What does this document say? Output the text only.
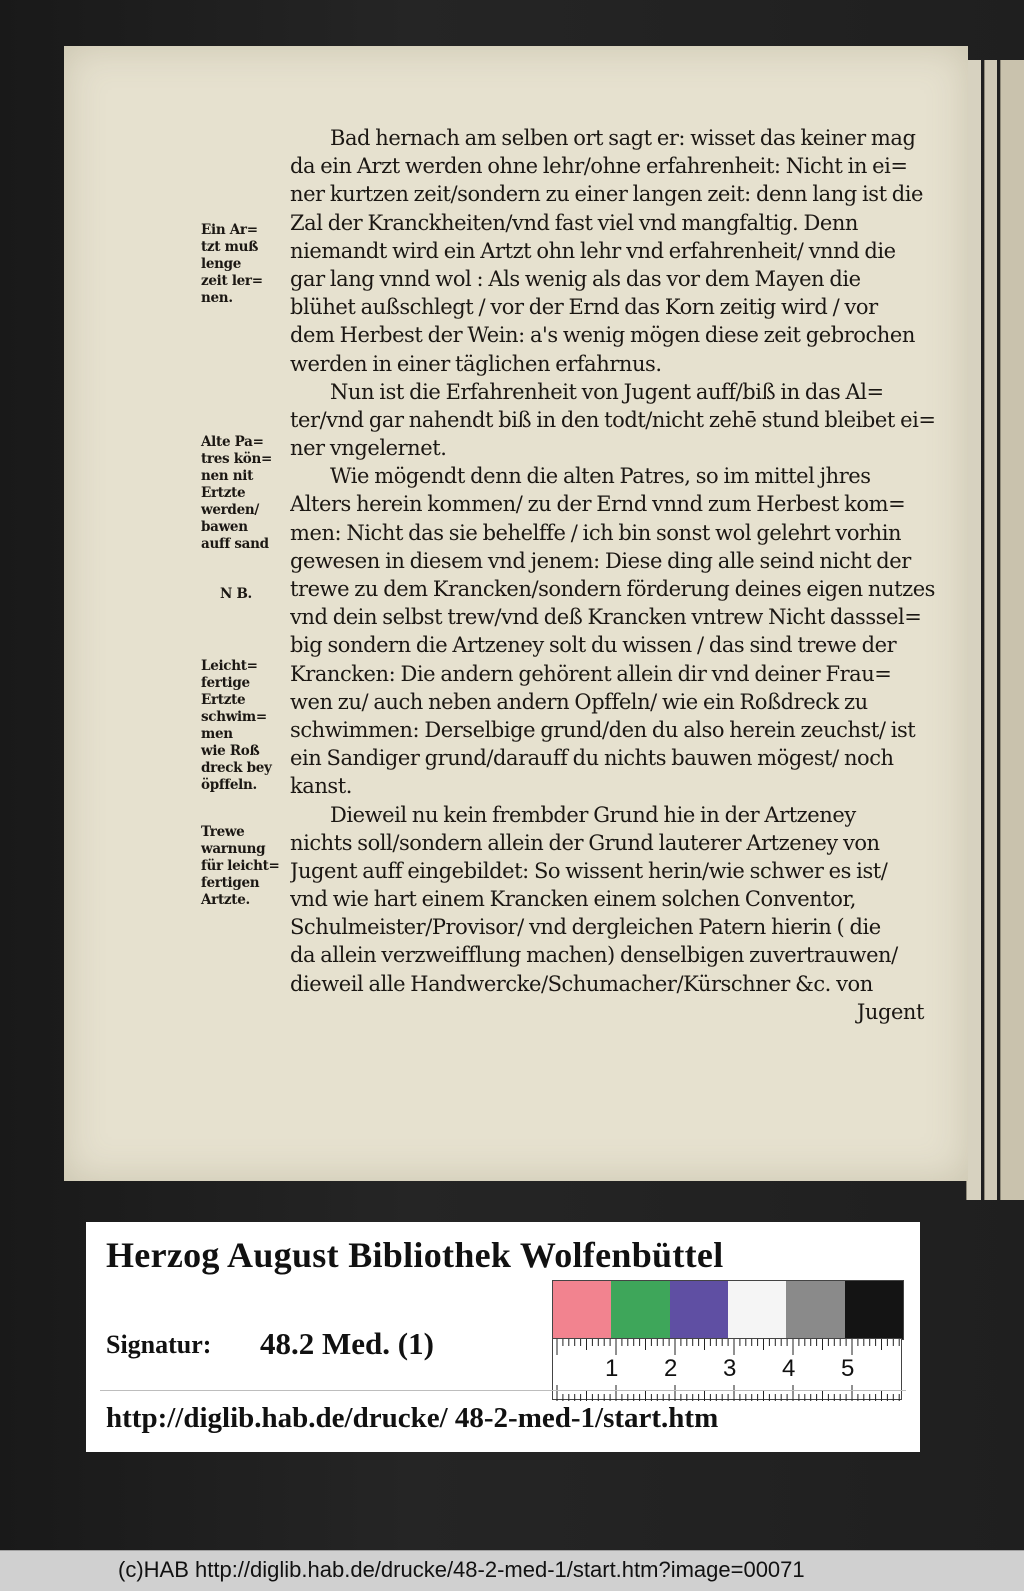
Bad hernach am selben ort sagt er: wisset das keiner mag
da ein Arzt werden ohne lehr/ohne erfahrenheit: Nicht in ei=
ner kurtzen zeit/sondern zu einer langen zeit: denn lang ist die
Zal der Kranckheiten/vnd fast viel vnd mangfaltig. Denn
niemandt wird ein Artzt ohn lehr vnd erfahrenheit/ vnnd die
gar lang vnnd wol : Als wenig als das vor dem Mayen die
blühet außschlegt / vor der Ernd das Korn zeitig wird / vor
dem Herbest der Wein: a's wenig mögen diese zeit gebrochen
werden in einer täglichen erfahrnus.
Nun ist die Erfahrenheit von Jugent auff/biß in das Al=
ter/vnd gar nahendt biß in den todt/nicht zehē stund bleibet ei=
ner vngelernet.
Wie mögendt denn die alten Patres, so im mittel jhres
Alters herein kommen/ zu der Ernd vnnd zum Herbest kom=
men: Nicht das sie behelffe / ich bin sonst wol gelehrt vorhin
gewesen in diesem vnd jenem: Diese ding alle seind nicht der
trewe zu dem Krancken/sondern förderung deines eigen nutzes
vnd dein selbst trew/vnd deß Krancken vntrew Nicht dasssel=
big sondern die Artzeney solt du wissen / das sind trewe der
Krancken: Die andern gehörent allein dir vnd deiner Frau=
wen zu/ auch neben andern Opffeln/ wie ein Roßdreck zu
schwimmen: Derselbige grund/den du also herein zeuchst/ ist
ein Sandiger grund/darauff du nichts bauwen mögest/ noch
kanst.
Dieweil nu kein frembder Grund hie in der Artzeney
nichts soll/sondern allein der Grund lauterer Artzeney von
Jugent auff eingebildet: So wissent herin/wie schwer es ist/
vnd wie hart einem Krancken einem solchen Conventor,
Schulmeister/Provisor/ vnd dergleichen Patern hierin ( die
da allein verzweifflung machen) denselbigen zuvertrauwen/
dieweil alle Handwercke/Schumacher/Kürschner &c. von
Jugent
Ein Ar=
tzt muß
lenge
zeit ler=
nen.
Alte Pa=
tres kön=
nen nit
Ertzte
werden/
bawen
auff sand
N B.
Leicht=
fertige
Ertzte
schwim=
men
wie Roß
dreck bey
öpffeln.
Trewe
warnung
für leicht=
fertigen
Artzte.
Herzog August Bibliothek Wolfenbüttel
Signatur: 48.2 Med. (1)
1 2 3 4 5
http://diglib.hab.de/drucke/ 48-2-med-1/start.htm
(c)HAB http://diglib.hab.de/drucke/48-2-med-1/start.htm?image=00071
